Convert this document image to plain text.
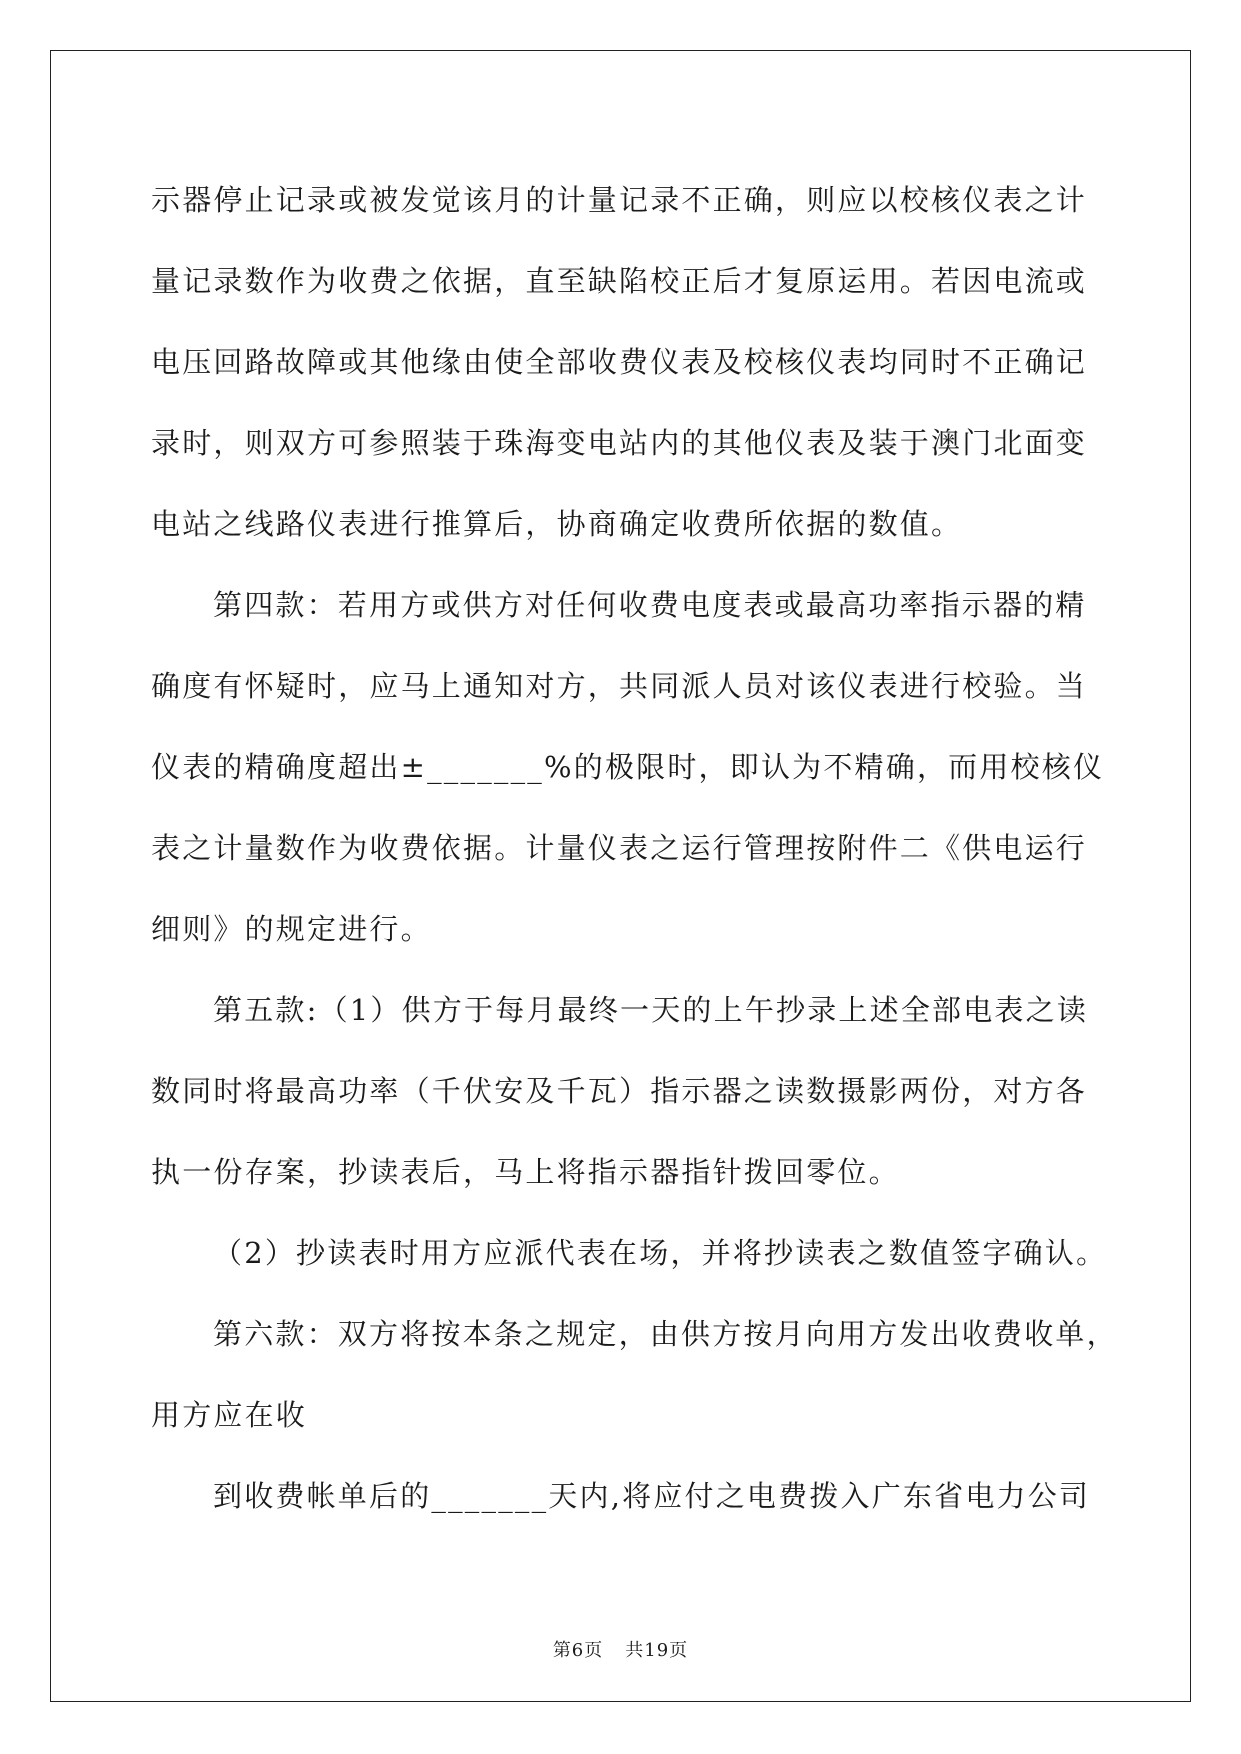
示器停止记录或被发觉该月的计量记录不正确，则应以校核仪表之计
量记录数作为收费之依据，直至缺陷校正后才复原运用。若因电流或
电压回路故障或其他缘由使全部收费仪表及校核仪表均同时不正确记
录时，则双方可参照装于珠海变电站内的其他仪表及装于澳门北面变
电站之线路仪表进行推算后，协商确定收费所依据的数值。
第四款：若用方或供方对任何收费电度表或最高功率指示器的精
确度有怀疑时，应马上通知对方，共同派人员对该仪表进行校验。当
仪表的精确度超出±_______%的极限时，即认为不精确，而用校核仪
表之计量数作为收费依据。计量仪表之运行管理按附件二《供电运行
细则》的规定进行。
第五款:（1）供方于每月最终一天的上午抄录上述全部电表之读
数同时将最高功率（千伏安及千瓦）指示器之读数摄影两份，对方各
执一份存案，抄读表后，马上将指示器指针拨回零位。
（2）抄读表时用方应派代表在场，并将抄读表之数值签字确认。
第六款：双方将按本条之规定，由供方按月向用方发出收费收单，
用方应在收
到收费帐单后的_______天内,将应付之电费拨入广东省电力公司
第6页 共19页
